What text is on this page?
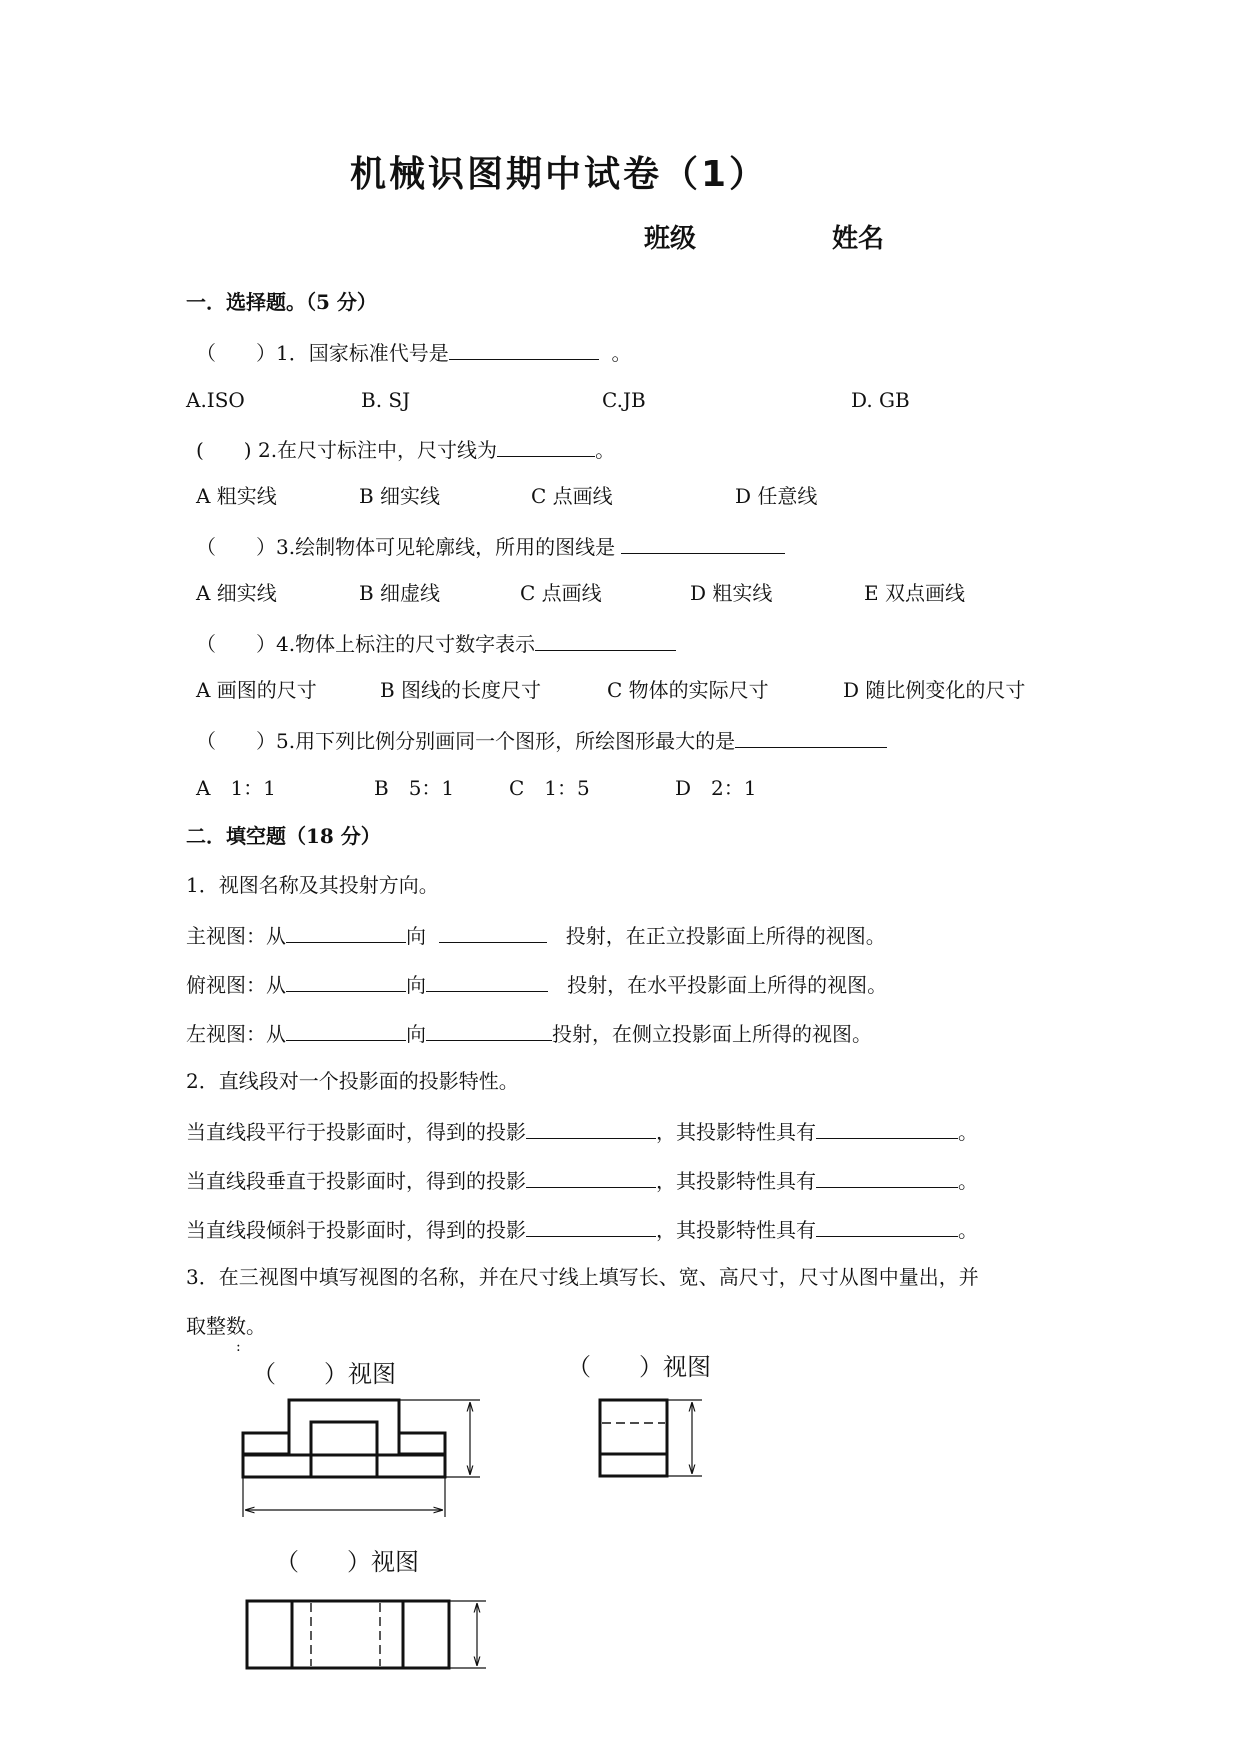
机械识图期中试卷（1）
班级	姓名
一．选择题。（5 分）
（　　）1．国家标准代号是	。
A.ISO	B. SJ	C.JB	D. GB
(　　) 2.在尺寸标注中，尺寸线为	。
A 粗实线	B 细实线	C 点画线	D 任意线
（　　）3.绘制物体可见轮廓线，所用的图线是
A 细实线	B 细虚线	C 点画线	D 粗实线	E 双点画线
（　　）4.物体上标注的尺寸数字表示
A 画图的尺寸	B 图线的长度尺寸	C 物体的实际尺寸	D 随比例变化的尺寸
（　　）5.用下列比例分别画同一个图形，所绘图形最大的是
A　1：1	B　5：1	C　1：5	D　2：1
二．填空题（18 分）
1．视图名称及其投射方向。
主视图：从	向	投射，在正立投影面上所得的视图。
俯视图：从	向	投射，在水平投影面上所得的视图。
左视图：从	向	投射，在侧立投影面上所得的视图。
2．直线段对一个投影面的投影特性。
当直线段平行于投影面时，得到的投影	，其投影特性具有	。
当直线段垂直于投影面时，得到的投影	，其投影特性具有	。
当直线段倾斜于投影面时，得到的投影	，其投影特性具有	。
3．在三视图中填写视图的名称，并在尺寸线上填写长、宽、高尺寸，尺寸从图中量出，并
取整数。
:
（　　）视图	（　　）视图
（　　）视图
